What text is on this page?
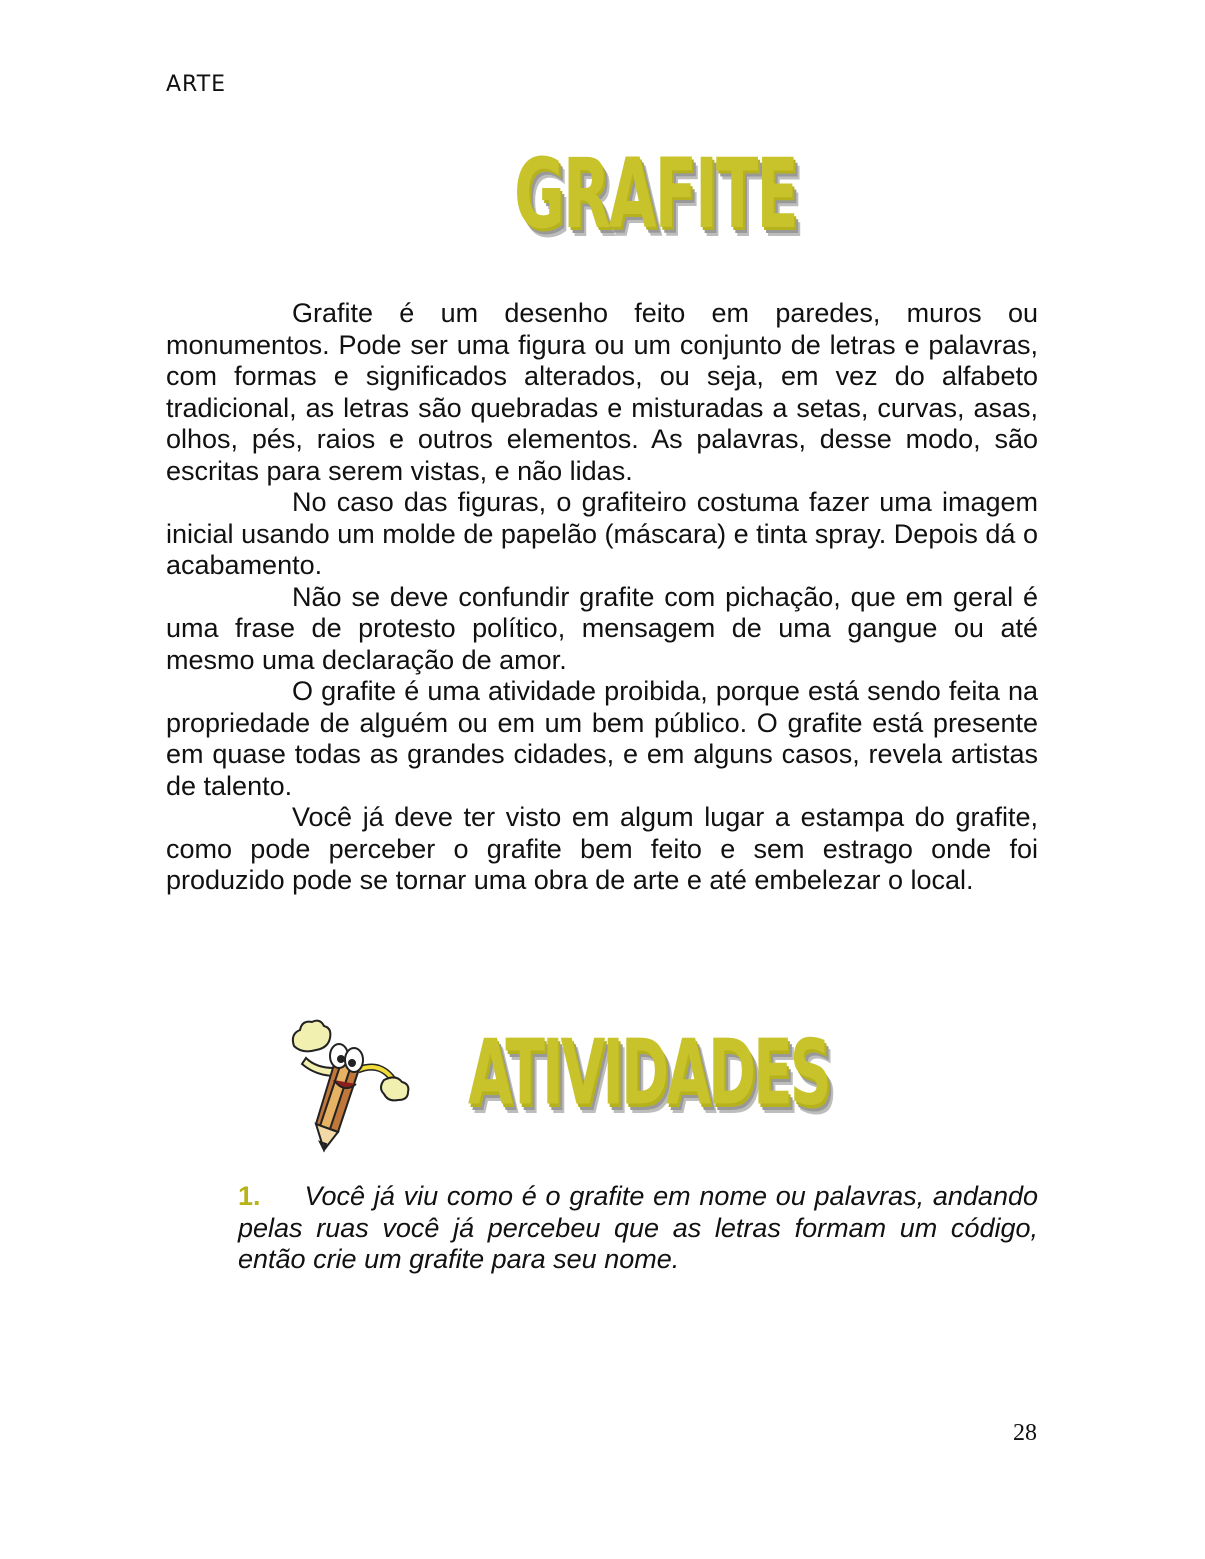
ARTE
GRAFITE

Grafite é um desenho feito em paredes, muros ou monumentos. Pode ser uma figura ou um conjunto de letras e palavras, com formas e significados alterados, ou seja, em vez do alfabeto tradicional, as letras são quebradas e misturadas a setas, curvas, asas, olhos, pés, raios e outros elementos. As palavras, desse modo, são escritas para serem vistas, e não lidas.

No caso das figuras, o grafiteiro costuma fazer uma imagem inicial usando um molde de papelão (máscara) e tinta spray. Depois dá o acabamento.

Não se deve confundir grafite com pichação, que em geral é uma frase de protesto político, mensagem de uma gangue ou até mesmo uma declaração de amor.

O grafite é uma atividade proibida, porque está sendo feita na propriedade de alguém ou em um bem público. O grafite está presente em quase todas as grandes cidades, e em alguns casos, revela artistas de talento.

Você já deve ter visto em algum lugar a estampa do grafite, como pode perceber o grafite bem feito e sem estrago onde foi produzido pode se tornar uma obra de arte e até embelezar o local.

ATIVIDADES
1. Você já viu como é o grafite em nome ou palavras, andando pelas ruas você já percebeu que as letras formam um código, então crie um grafite para seu nome.
28
